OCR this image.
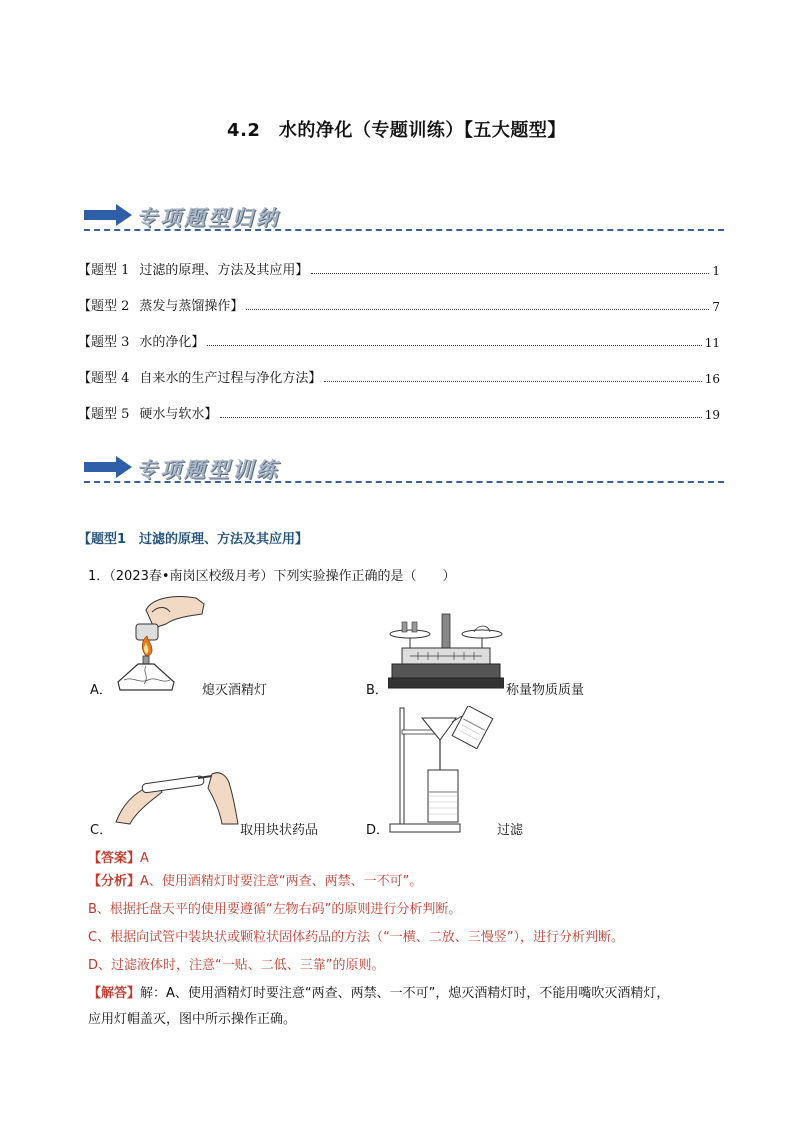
4.2　水的净化（专题训练）【五大题型】
专项题型归纳
【题型 1 过滤的原理、方法及其应用】	1
【题型 2 蒸发与蒸馏操作】	7
【题型 3 水的净化】	11
【题型 4 自来水的生产过程与净化方法】	16
【题型 5 硬水与软水】	19
专项题型训练
【题型1　过滤的原理、方法及其应用】
1．（2023春•南岗区校级月考）下列实验操作正确的是（　　）
A．	熄灭酒精灯	B．	称量物质质量
C．	取用块状药品	D．	过滤
【答案】A
【分析】A、使用酒精灯时要注意“两查、两禁、一不可”。
B、根据托盘天平的使用要遵循“左物右码”的原则进行分析判断。
C、根据向试管中装块状或颗粒状固体药品的方法（“一横、二放、三慢竖”），进行分析判断。
D、过滤液体时，注意“一贴、二低、三靠”的原则。
【解答】解：A、使用酒精灯时要注意“两查、两禁、一不可”，熄灭酒精灯时，不能用嘴吹灭酒精灯，
应用灯帽盖灭，图中所示操作正确。
